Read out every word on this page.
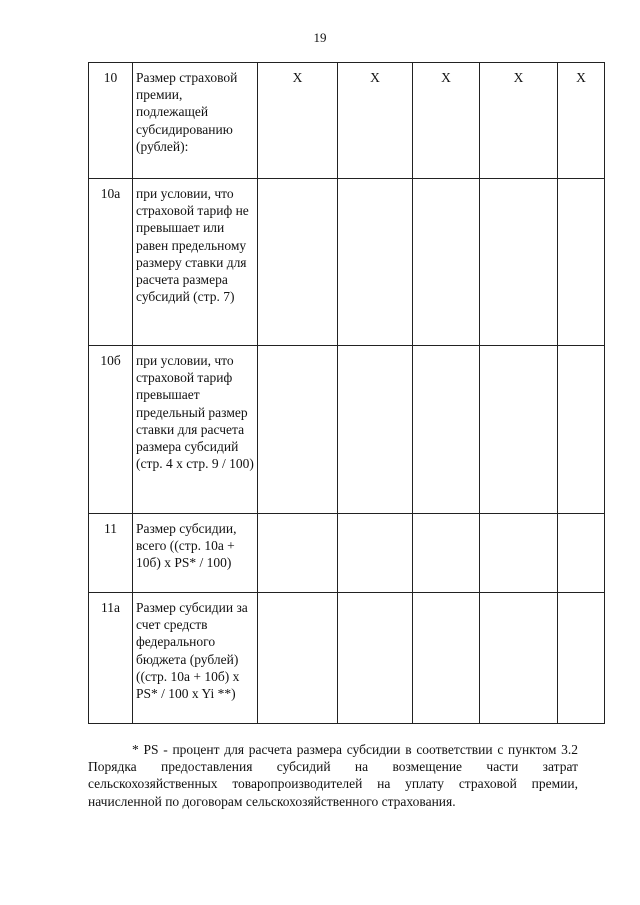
19
10	Размер страховой премии, подлежащей субсидированию (рублей):	X	X	X	X	X
10а	при условии, что страховой тариф не превышает или равен предельному размеру ставки для расчета размера субсидий (стр. 7)					
10б	при условии, что страховой тариф превышает предельный размер ставки для расчета размера субсидий (стр. 4 x стр. 9 / 100)					
11	Размер субсидии, всего ((стр. 10а + 10б) x PS* / 100)					
11а	Размер субсидии за счет средств федерального бюджета (рублей) ((стр. 10а + 10б) x PS* / 100 x Yi **)					

* PS - процент для расчета размера субсидии в соответствии с пунктом 3.2 Порядка предоставления субсидий на возмещение части затрат сельскохозяйственных товаропроизводителей на уплату страховой премии, начисленной по договорам сельскохозяйственного страхования.
